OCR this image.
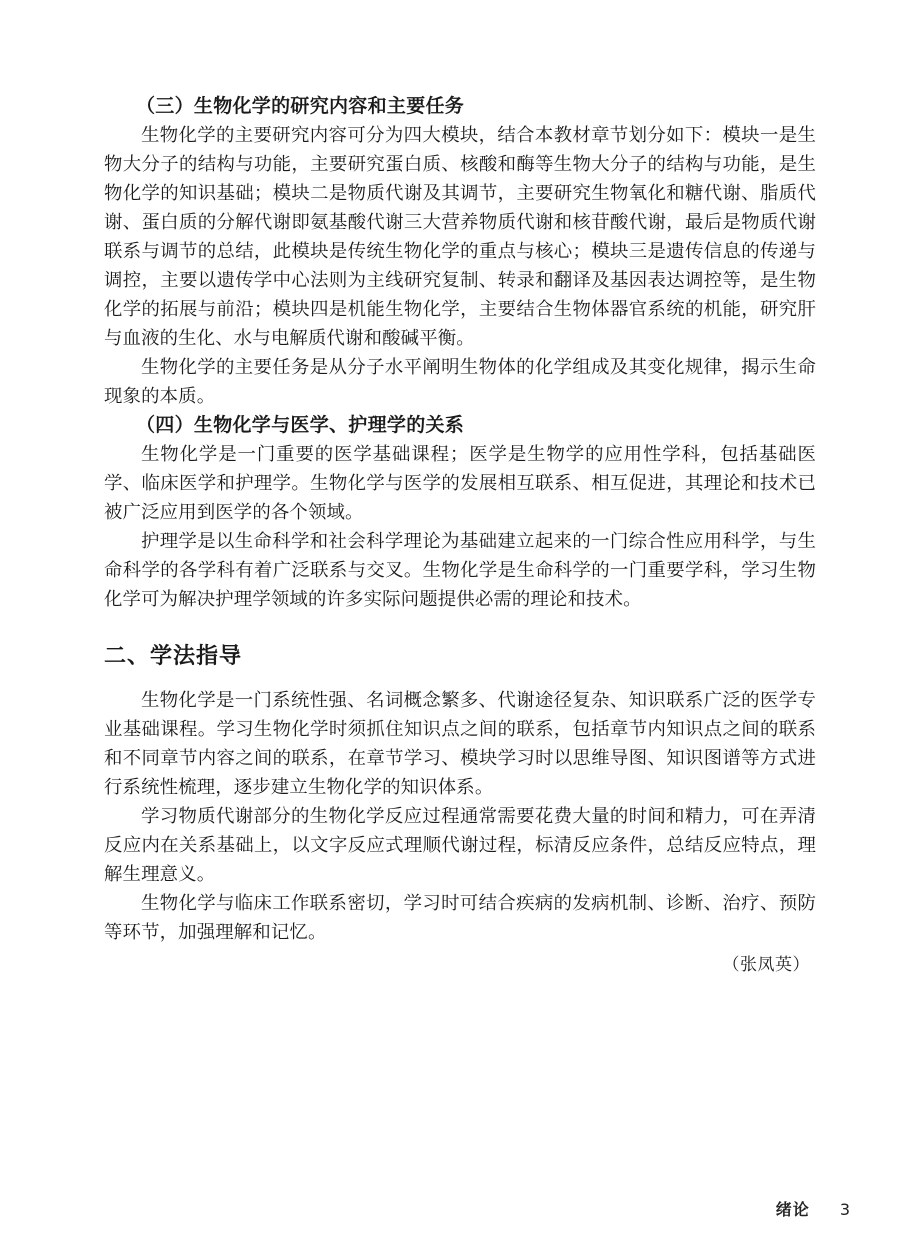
（三）生物化学的研究内容和主要任务

生物化学的主要研究内容可分为四大模块，结合本教材章节划分如下：模块一是生物大分子的结构与功能，主要研究蛋白质、核酸和酶等生物大分子的结构与功能，是生物化学的知识基础；模块二是物质代谢及其调节，主要研究生物氧化和糖代谢、脂质代谢、蛋白质的分解代谢即氨基酸代谢三大营养物质代谢和核苷酸代谢，最后是物质代谢联系与调节的总结，此模块是传统生物化学的重点与核心；模块三是遗传信息的传递与调控，主要以遗传学中心法则为主线研究复制、转录和翻译及基因表达调控等，是生物化学的拓展与前沿；模块四是机能生物化学，主要结合生物体器官系统的机能，研究肝与血液的生化、水与电解质代谢和酸碱平衡。

生物化学的主要任务是从分子水平阐明生物体的化学组成及其变化规律，揭示生命现象的本质。

（四）生物化学与医学、护理学的关系

生物化学是一门重要的医学基础课程；医学是生物学的应用性学科，包括基础医学、临床医学和护理学。生物化学与医学的发展相互联系、相互促进，其理论和技术已被广泛应用到医学的各个领域。

护理学是以生命科学和社会科学理论为基础建立起来的一门综合性应用科学，与生命科学的各学科有着广泛联系与交叉。生物化学是生命科学的一门重要学科，学习生物化学可为解决护理学领域的许多实际问题提供必需的理论和技术。

二、学法指导

生物化学是一门系统性强、名词概念繁多、代谢途径复杂、知识联系广泛的医学专业基础课程。学习生物化学时须抓住知识点之间的联系，包括章节内知识点之间的联系和不同章节内容之间的联系，在章节学习、模块学习时以思维导图、知识图谱等方式进行系统性梳理，逐步建立生物化学的知识体系。

学习物质代谢部分的生物化学反应过程通常需要花费大量的时间和精力，可在弄清反应内在关系基础上，以文字反应式理顺代谢过程，标清反应条件，总结反应特点，理解生理意义。

生物化学与临床工作联系密切，学习时可结合疾病的发病机制、诊断、治疗、预防等环节，加强理解和记忆。

（张凤英）
绪论 3
